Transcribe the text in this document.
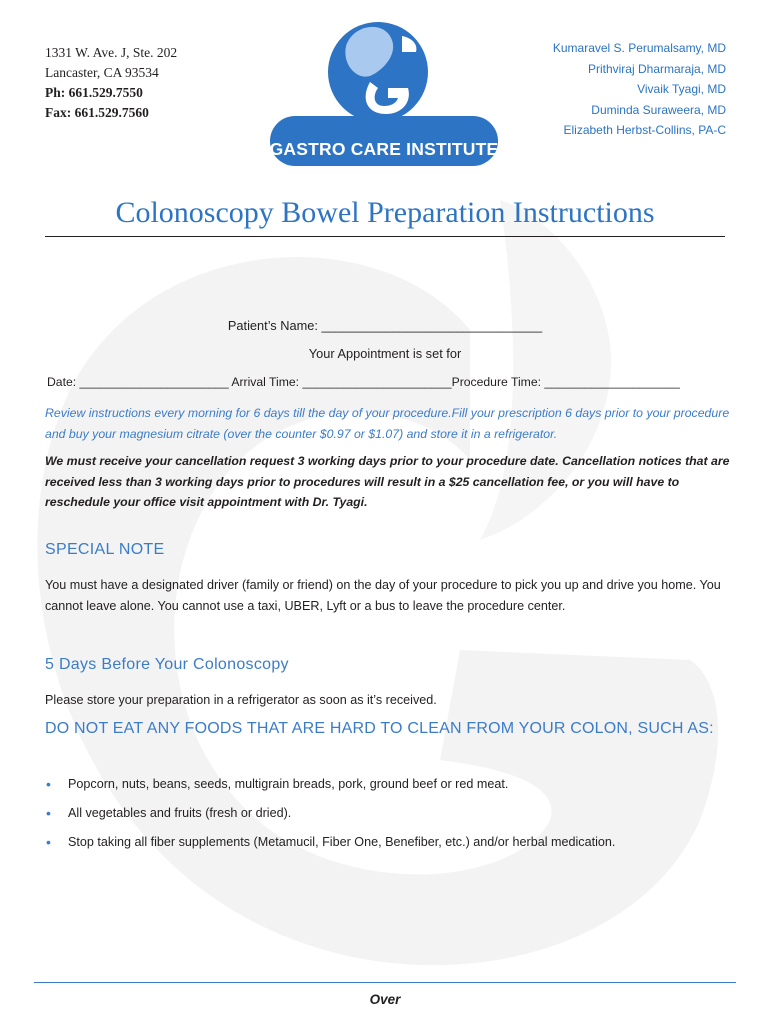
1331 W. Ave. J, Ste. 202
Lancaster, CA 93534
Ph: 661.529.7550
Fax: 661.529.7560
GASTRO CARE INSTITUTE
Kumaravel S. Perumalsamy, MD
Prithviraj Dharmaraja, MD
Vivaik Tyagi, MD
Duminda Suraweera, MD
Elizabeth Herbst-Collins, PA-C
Colonoscopy Bowel Preparation Instructions
Patient’s Name: _______________________________
Your Appointment is set for
Date: ______________________ Arrival Time: ______________________Procedure Time: ____________________
Review instructions every morning for 6 days till the day of your procedure.Fill your prescription 6 days prior to your procedure and buy your magnesium citrate (over the counter $0.97 or $1.07) and store it in a refrigerator.
We must receive your cancellation request 3 working days prior to your procedure date. Cancellation notices that are received less than 3 working days prior to procedures will result in a $25 cancellation fee, or you will have to reschedule your office visit appointment with Dr. Tyagi.
SPECIAL NOTE
You must have a designated driver (family or friend) on the day of your procedure to pick you up and drive you home. You cannot leave alone. You cannot use a taxi, UBER, Lyft or a bus to leave the procedure center.
5 Days Before Your Colonoscopy
Please store your preparation in a refrigerator as soon as it’s received.
DO NOT EAT ANY FOODS THAT ARE HARD TO CLEAN FROM YOUR COLON, SUCH AS:
• Popcorn, nuts, beans, seeds, multigrain breads, pork, ground beef or red meat.
• All vegetables and fruits (fresh or dried).
• Stop taking all fiber supplements (Metamucil, Fiber One, Benefiber, etc.) and/or herbal medication.
Over
